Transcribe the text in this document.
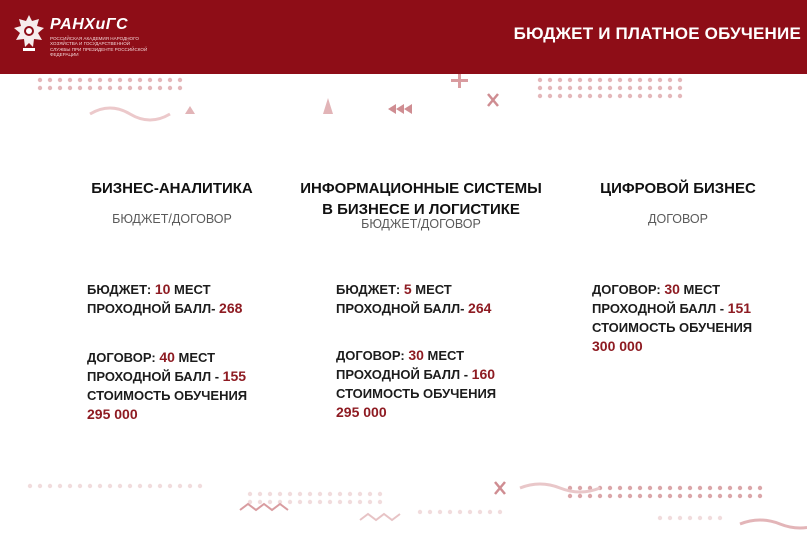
РАНХиГС
РОССИЙСКАЯ АКАДЕМИЯ НАРОДНОГО ХОЗЯЙСТВА И ГОСУДАРСТВЕННОЙ СЛУЖБЫ ПРИ ПРЕЗИДЕНТЕ РОССИЙСКОЙ ФЕДЕРАЦИИ
БЮДЖЕТ И ПЛАТНОЕ ОБУЧЕНИЕ
БИЗНЕС-АНАЛИТИКА
БЮДЖЕТ/ДОГОВОР
БЮДЖЕТ: 10 МЕСТ
ПРОХОДНОЙ БАЛЛ- 268
ДОГОВОР: 40 МЕСТ
ПРОХОДНОЙ БАЛЛ - 155
СТОИМОСТЬ ОБУЧЕНИЯ
295 000
ИНФОРМАЦИОННЫЕ СИСТЕМЫ
В БИЗНЕСЕ И ЛОГИСТИКЕ
БЮДЖЕТ/ДОГОВОР
БЮДЖЕТ: 5 МЕСТ
ПРОХОДНОЙ БАЛЛ- 264
ДОГОВОР: 30 МЕСТ
ПРОХОДНОЙ БАЛЛ - 160
СТОИМОСТЬ ОБУЧЕНИЯ
295 000
ЦИФРОВОЙ БИЗНЕС
ДОГОВОР
ДОГОВОР: 30 МЕСТ
ПРОХОДНОЙ БАЛЛ - 151
СТОИМОСТЬ ОБУЧЕНИЯ
300 000
